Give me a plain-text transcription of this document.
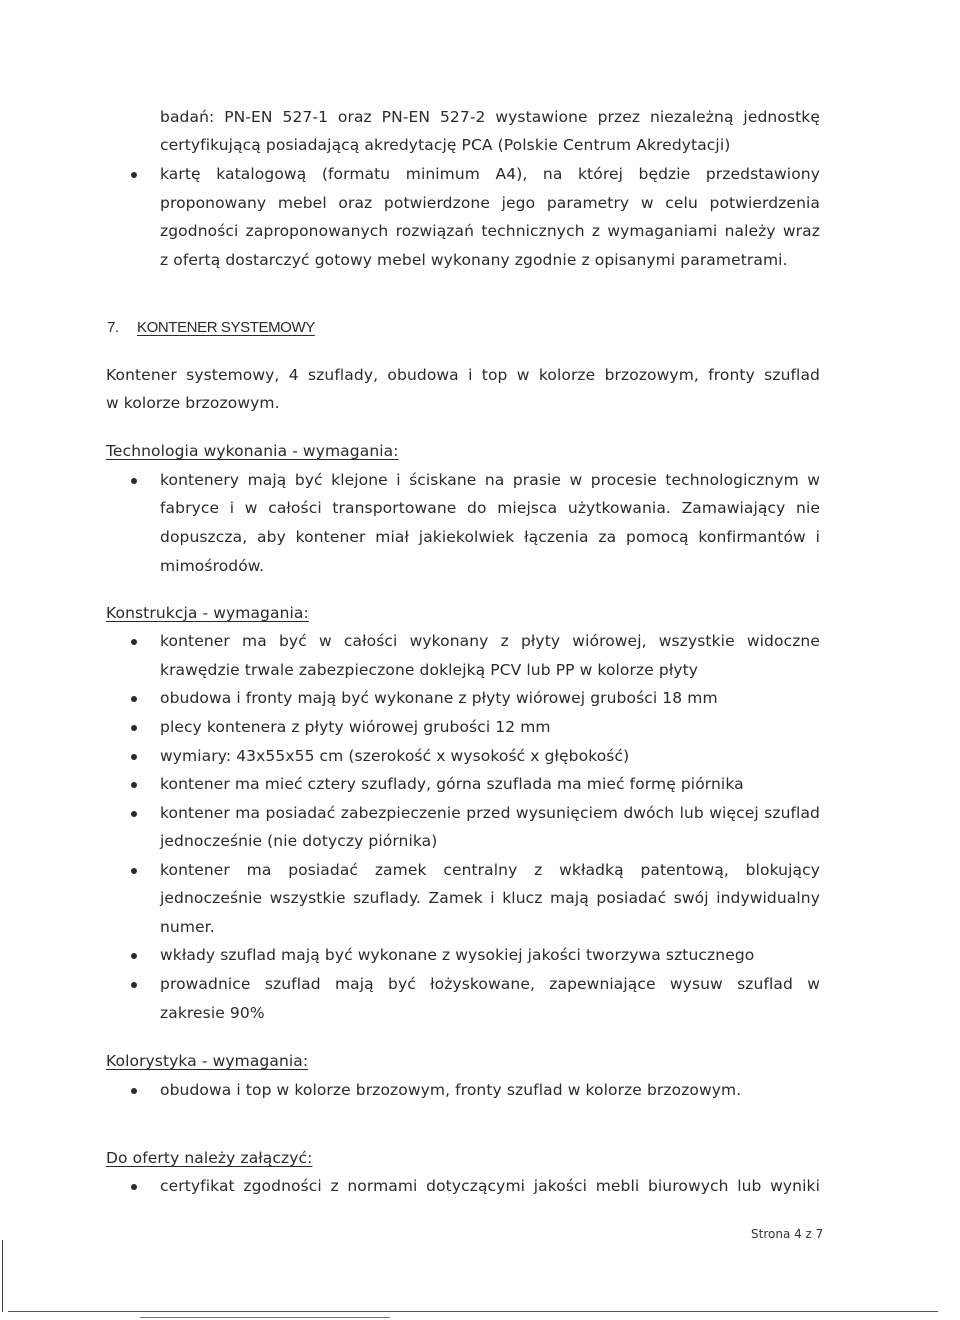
badań: PN-EN 527-1 oraz PN-EN 527-2 wystawione przez niezależną jednostkę
certyfikującą posiadającą akredytację PCA (Polskie Centrum Akredytacji)
kartę katalogową (formatu minimum A4), na której będzie przedstawiony
proponowany mebel oraz potwierdzone jego parametry w celu potwierdzenia
zgodności zaproponowanych rozwiązań technicznych z wymaganiami należy wraz
z ofertą dostarczyć gotowy mebel wykonany zgodnie z opisanymi parametrami.
7. KONTENER SYSTEMOWY
Kontener systemowy, 4 szuflady, obudowa i top w kolorze brzozowym, fronty szuflad
w kolorze brzozowym.
Technologia wykonania - wymagania:
kontenery mają być klejone i ściskane na prasie w procesie technologicznym w
fabryce i w całości transportowane do miejsca użytkowania. Zamawiający nie
dopuszcza, aby kontener miał jakiekolwiek łączenia za pomocą konfirmantów i
mimośrodów.
Konstrukcja - wymagania:
kontener ma być w całości wykonany z płyty wiórowej, wszystkie widoczne
krawędzie trwale zabezpieczone doklejką PCV lub PP w kolorze płyty
obudowa i fronty mają być wykonane z płyty wiórowej grubości 18 mm
plecy kontenera z płyty wiórowej grubości 12 mm
wymiary: 43x55x55 cm (szerokość x wysokość x głębokość)
kontener ma mieć cztery szuflady, górna szuflada ma mieć formę piórnika
kontener ma posiadać zabezpieczenie przed wysunięciem dwóch lub więcej szuflad
jednocześnie (nie dotyczy piórnika)
kontener ma posiadać zamek centralny z wkładką patentową, blokujący
jednocześnie wszystkie szuflady. Zamek i klucz mają posiadać swój indywidualny
numer.
wkłady szuflad mają być wykonane z wysokiej jakości tworzywa sztucznego
prowadnice szuflad mają być łożyskowane, zapewniające wysuw szuflad w
zakresie 90%
Kolorystyka - wymagania:
obudowa i top w kolorze brzozowym, fronty szuflad w kolorze brzozowym.
Do oferty należy załączyć:
certyfikat zgodności z normami dotyczącymi jakości mebli biurowych lub wyniki
Strona 4 z 7
